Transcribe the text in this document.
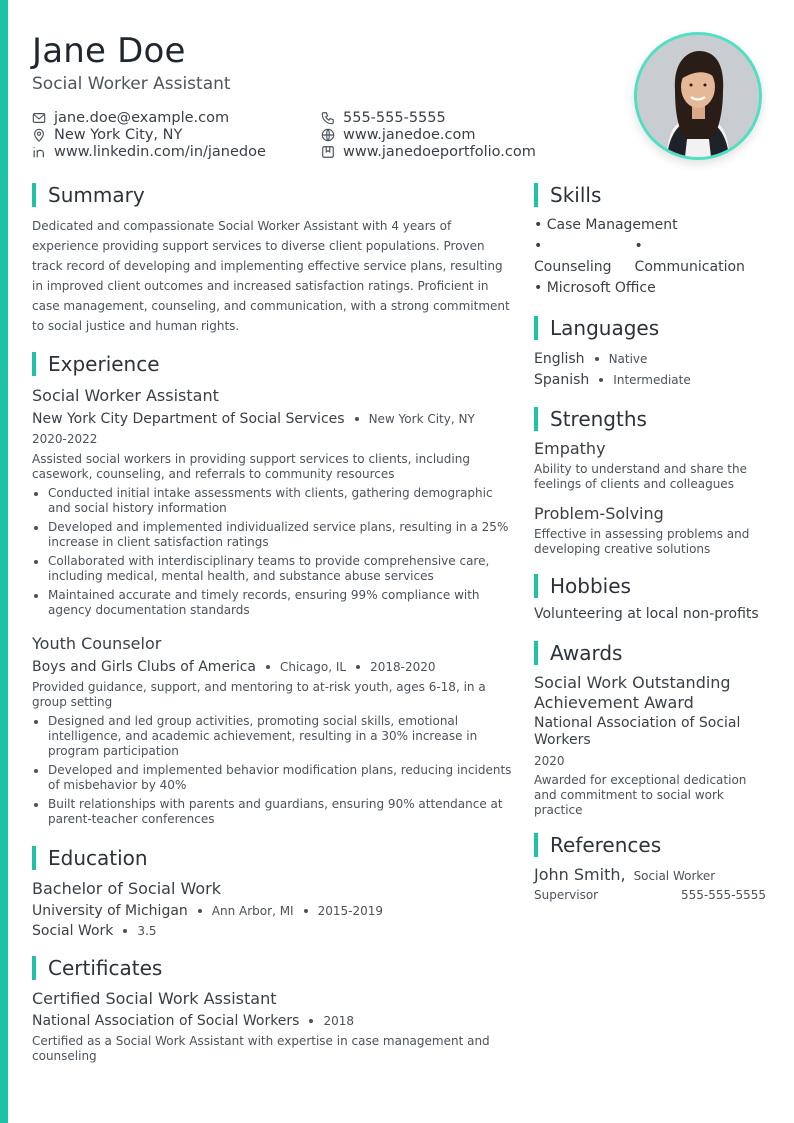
Jane Doe
Social Worker Assistant
jane.doe@example.com	555-555-5555
New York City, NY	www.janedoe.com
www.linkedin.com/in/janedoe	www.janedoeportfolio.com
Summary
Dedicated and compassionate Social Worker Assistant with 4 years of experience providing support services to diverse client populations. Proven track record of developing and implementing effective service plans, resulting in improved client outcomes and increased satisfaction ratings. Proficient in case management, counseling, and communication, with a strong commitment to social justice and human rights.
Experience
Social Worker Assistant
New York City Department of Social Services New York City, NY
2020-2022
Assisted social workers in providing support services to clients, including casework, counseling, and referrals to community resources
Conducted initial intake assessments with clients, gathering demographic and social history information
Developed and implemented individualized service plans, resulting in a 25% increase in client satisfaction ratings
Collaborated with interdisciplinary teams to provide comprehensive care, including medical, mental health, and substance abuse services
Maintained accurate and timely records, ensuring 99% compliance with agency documentation standards
Youth Counselor
Boys and Girls Clubs of America Chicago, IL 2018-2020
Provided guidance, support, and mentoring to at-risk youth, ages 6-18, in a group setting
Designed and led group activities, promoting social skills, emotional intelligence, and academic achievement, resulting in a 30% increase in program participation
Developed and implemented behavior modification plans, reducing incidents of misbehavior by 40%
Built relationships with parents and guardians, ensuring 90% attendance at parent-teacher conferences
Education
Bachelor of Social Work
University of Michigan Ann Arbor, MI 2015-2019
Social Work 3.5
Certificates
Certified Social Work Assistant
National Association of Social Workers 2018
Certified as a Social Work Assistant with expertise in case management and counseling
Skills
• Case Management
• Counseling
• Communication
• Microsoft Office
Languages
English Native
Spanish Intermediate
Strengths
Empathy
Ability to understand and share the feelings of clients and colleagues
Problem-Solving
Effective in assessing problems and developing creative solutions
Hobbies
Volunteering at local non-profits
Awards
Social Work Outstanding Achievement Award
National Association of Social Workers
2020
Awarded for exceptional dedication and commitment to social work practice
References
John Smith, Social Worker
Supervisor	555-555-5555
